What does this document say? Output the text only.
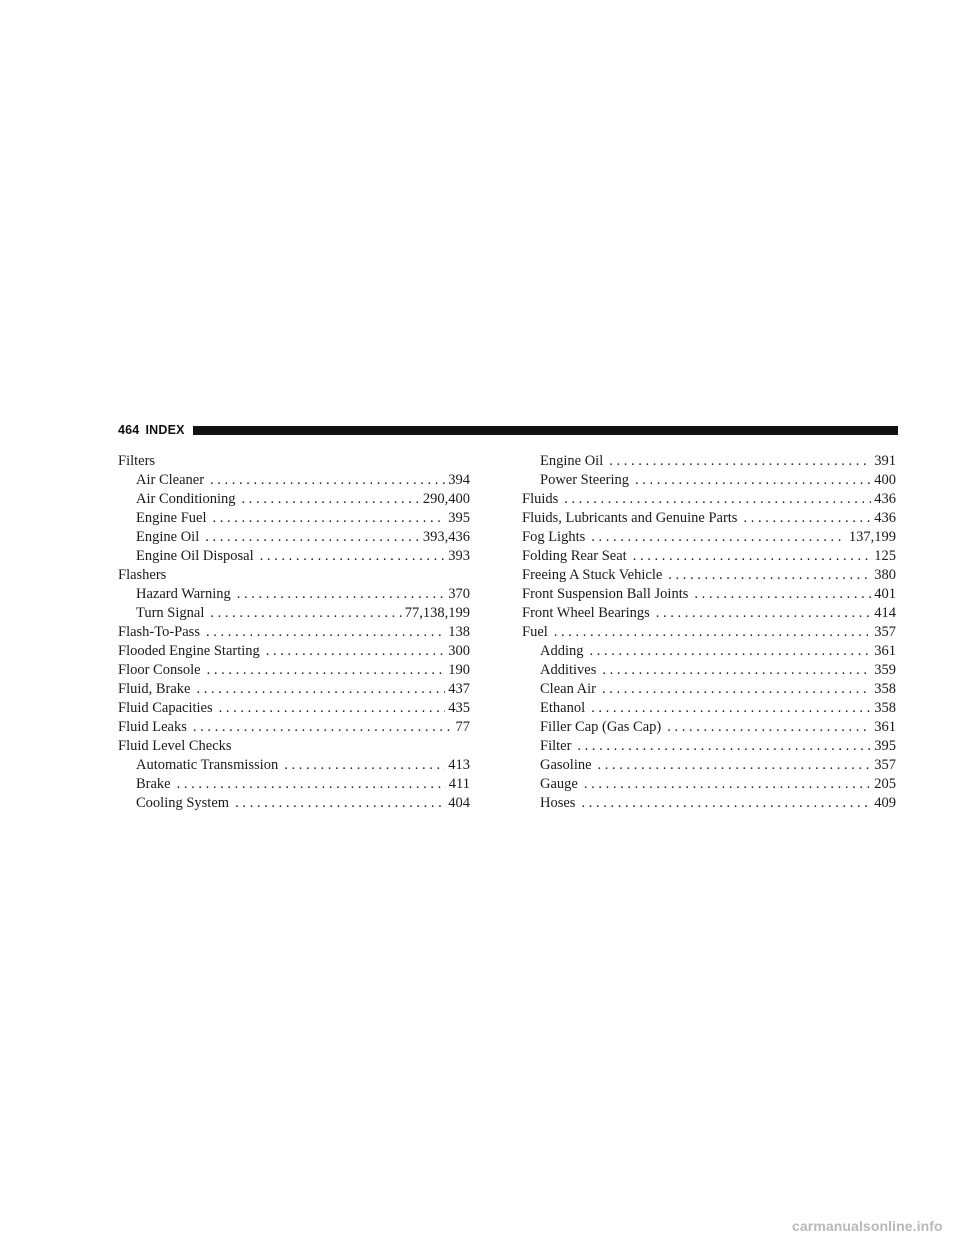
464 INDEX
Filters
Air Cleaner . . .	394
Air Conditioning . . .	290,400
Engine Fuel . . .	395
Engine Oil . . .	393,436
Engine Oil Disposal . . .	393
Flashers
Hazard Warning . . .	370
Turn Signal . . .	77,138,199
Flash-To-Pass . . .	138
Flooded Engine Starting . . .	300
Floor Console . . .	190
Fluid, Brake . . .	437
Fluid Capacities . . .	435
Fluid Leaks . . .	77
Fluid Level Checks
Automatic Transmission . . .	413
Brake . . .	411
Cooling System . . .	404
Engine Oil . . .	391
Power Steering . . .	400
Fluids . . .	436
Fluids, Lubricants and Genuine Parts . . .	436
Fog Lights . . .	137,199
Folding Rear Seat . . .	125
Freeing A Stuck Vehicle . . .	380
Front Suspension Ball Joints . . .	401
Front Wheel Bearings . . .	414
Fuel . . .	357
Adding . . .	361
Additives . . .	359
Clean Air . . .	358
Ethanol . . .	358
Filler Cap (Gas Cap) . . .	361
Filter . . .	395
Gasoline . . .	357
Gauge . . .	205
Hoses . . .	409
carmanualsonline.info
